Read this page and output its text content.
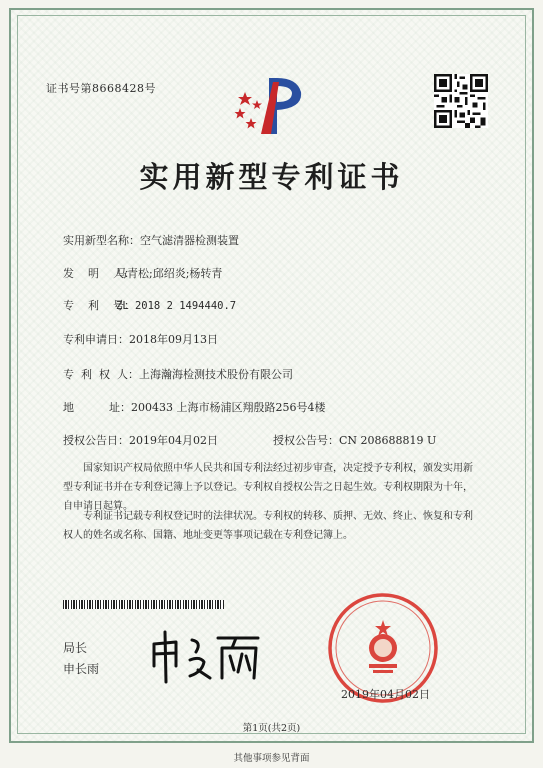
证书号第8668428号
实用新型专利证书
实用新型名称：空气滤清器检测装置
发    明    人：马青松;邱绍炎;杨转青
专    利    号：ZL 2018 2 1494440.7
专利申请日：2018年09月13日
专  利  权  人：上海瀚海检测技术股份有限公司
地          址：200433 上海市杨浦区翔殷路256号4楼
授权公告日：2019年04月02日	授权公告号：CN 208688819 U
国家知识产权局依照中华人民共和国专利法经过初步审查，决定授予专利权，颁发实用新型专利证书并在专利登记簿上予以登记。专利权自授权公告之日起生效。专利权期限为十年，自申请日起算。
专利证书记载专利权登记时的法律状况。专利权的转移、质押、无效、终止、恢复和专利权人的姓名或名称、国籍、地址变更等事项记载在专利登记簿上。
局长
申长雨
2019年04月02日
第1页(共2页)
其他事项参见背面
